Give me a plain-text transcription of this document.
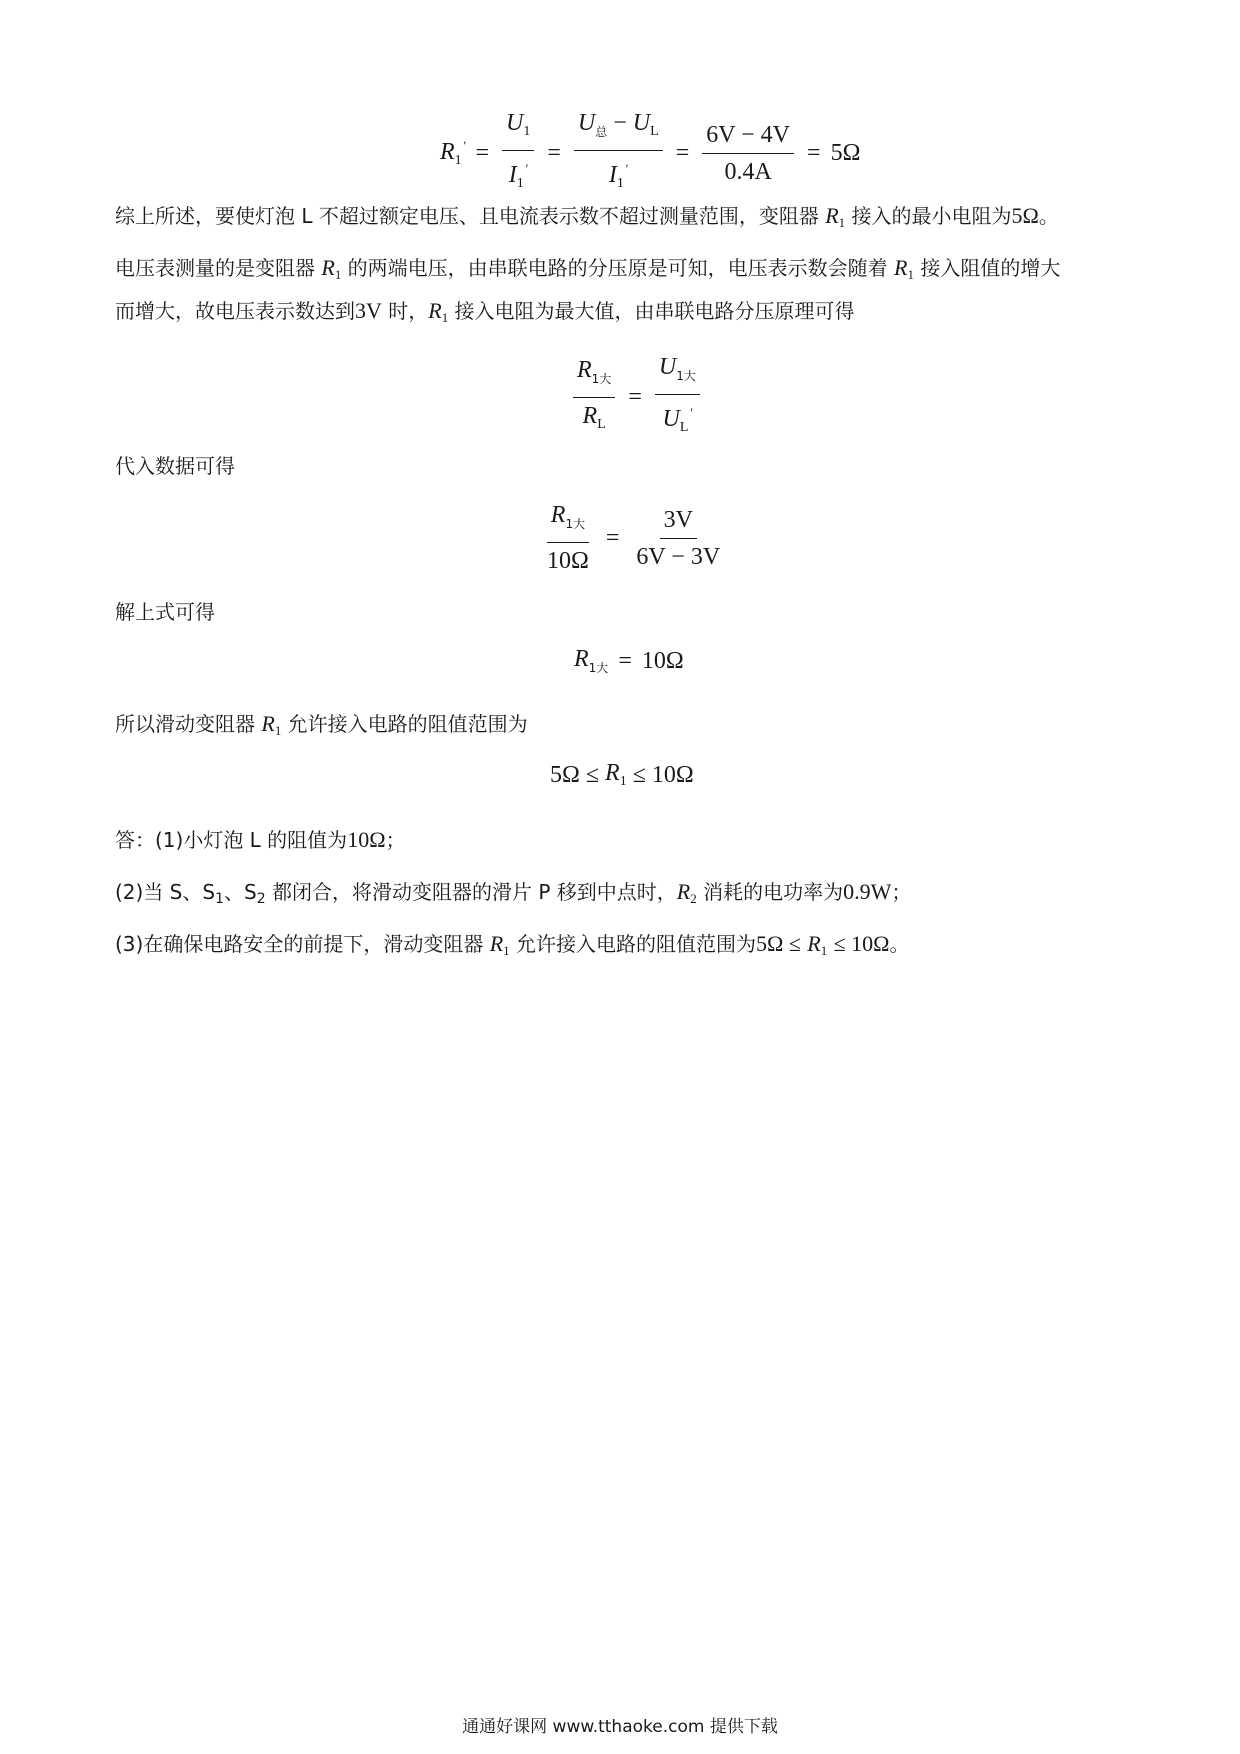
$R_1' = \frac{U_1}{I_1'} = \frac{U_总 - U_L}{I_1'} = \frac{6V - 4V}{0.4A} = 5\Omega$
综上所述，要使灯泡 L 不超过额定电压、且电流表示数不超过测量范围，变阻器 $R_1$ 接入的最小电阻为5Ω。
电压表测量的是变阻器 $R_1$ 的两端电压，由串联电路的分压原是可知，电压表示数会随着 $R_1$ 接入阻值的增大
而增大，故电压表示数达到3V 时，$R_1$ 接入电阻为最大值，由串联电路分压原理可得
$\frac{R_{1大}}{R_L} = \frac{U_{1大}}{U_L'}$
代入数据可得
$\frac{R_{1大}}{10\Omega} = \frac{3V}{6V - 3V}$
解上式可得
$R_{1大} = 10\Omega$
所以滑动变阻器 $R_1$ 允许接入电路的阻值范围为
$5\Omega \le R_1 \le 10\Omega$
答：(1)小灯泡 L 的阻值为10Ω；
(2)当 S、$S_1$、$S_2$ 都闭合，将滑动变阻器的滑片 P 移到中点时，$R_2$ 消耗的电功率为0.9W；
(3)在确保电路安全的前提下，滑动变阻器 $R_1$ 允许接入电路的阻值范围为$5\Omega \le R_1 \le 10\Omega$。
通通好课网 www.tthaoke.com 提供下载
